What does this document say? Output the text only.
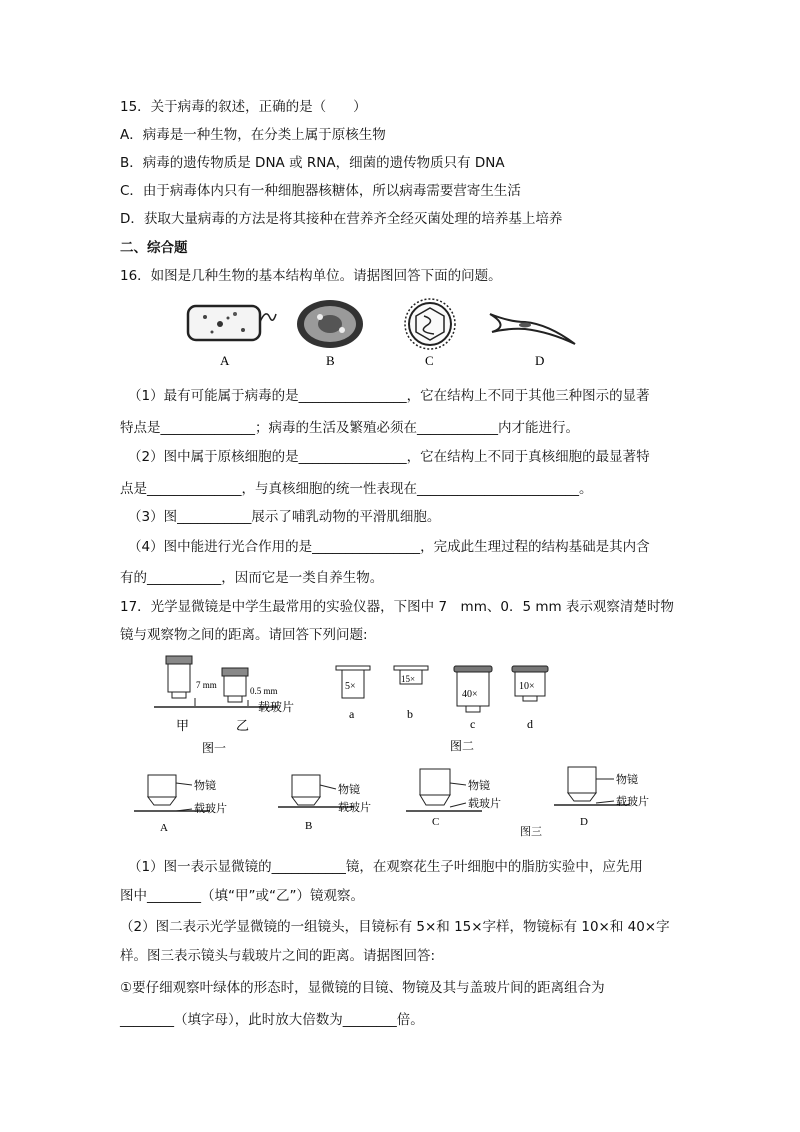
15．关于病毒的叙述，正确的是（　　）
A．病毒是一种生物，在分类上属于原核生物
B．病毒的遗传物质是 DNA 或 RNA，细菌的遗传物质只有 DNA
C．由于病毒体内只有一种细胞器核糖体，所以病毒需要营寄生生活
D．获取大量病毒的方法是将其接种在营养齐全经灭菌处理的培养基上培养
二、综合题
16．如图是几种生物的基本结构单位。请据图回答下面的问题。
A	B	C	D
（1）最有可能属于病毒的是________________，它在结构上不同于其他三种图示的显著
特点是______________；病毒的生活及繁殖必须在____________内才能进行。
（2）图中属于原核细胞的是________________，它在结构上不同于真核细胞的最显著特
点是______________，与真核细胞的统一性表现在________________________。
（3）图___________展示了哺乳动物的平滑肌细胞。
（4）图中能进行光合作用的是________________，完成此生理过程的结构基础是其内含
有的___________，因而它是一类自养生物。
17．光学显微镜是中学生最常用的实验仪器，下图中 7　mm、0．5 mm 表示观察清楚时物
镜与观察物之间的距离。请回答下列问题:
7 mm
0.5 mm
载玻片
甲	乙
图一
5×
15×
40×
10×
a	b
c	d
图二
物镜
载玻片
A
物镜
载玻片
B
物镜
载玻片
C
图三
物镜
载玻片
D
（1）图一表示显微镜的___________镜，在观察花生子叶细胞中的脂肪实验中，应先用
图中________（填“甲”或“乙”）镜观察。
（2）图二表示光学显微镜的一组镜头，目镜标有 5×和 15×字样，物镜标有 10×和 40×字
样。图三表示镜头与载玻片之间的距离。请据图回答:
①要仔细观察叶绿体的形态时，显微镜的目镜、物镜及其与盖玻片间的距离组合为
________（填字母），此时放大倍数为________倍。
